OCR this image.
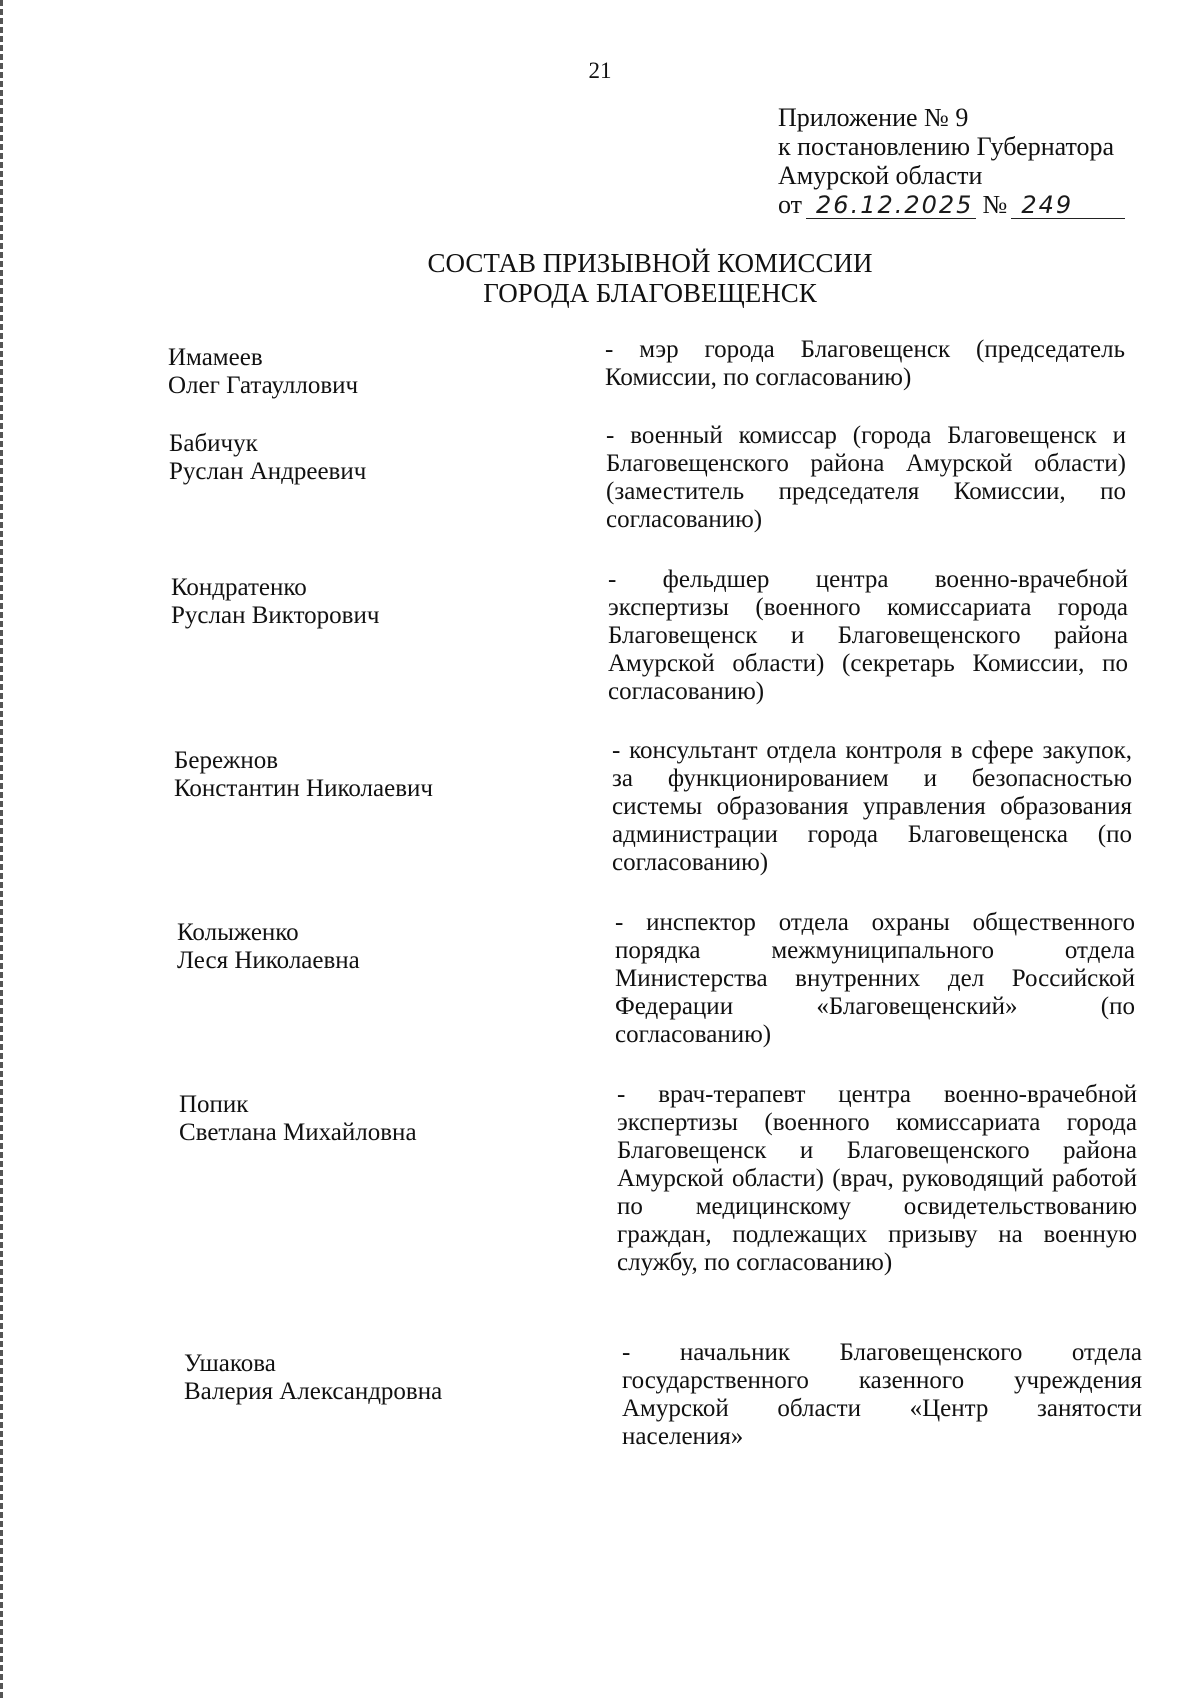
21
Приложение № 9
к постановлению Губернатора
Амурской области
от 26.12.2025 № 249
СОСТАВ ПРИЗЫВНОЙ КОМИССИИ
ГОРОДА БЛАГОВЕЩЕНСК
Имамеев
Олег Гатауллович
- мэр города Благовещенск (председатель Комиссии, по согласованию)
Бабичук
Руслан Андреевич
- военный комиссар (города Благовещенск и Благовещенского района Амурской области) (заместитель председателя Комиссии, по согласованию)
Кондратенко
Руслан Викторович
- фельдшер центра военно-врачебной экспертизы (военного комиссариата города Благовещенск и Благовещенского района Амурской области) (секретарь Комиссии, по согласованию)
Бережнов
Константин Николаевич
- консультант отдела контроля в сфере закупок, за функционированием и безопасностью системы образования управления образования администрации города Благовещенска (по согласованию)
Колыженко
Леся Николаевна
- инспектор отдела охраны общественного порядка межмуниципального отдела Министерства внутренних дел Российской Федерации «Благовещенский» (по согласованию)
Попик
Светлана Михайловна
- врач-терапевт центра военно-врачебной экспертизы (военного комиссариата города Благовещенск и Благовещенского района Амурской области) (врач, руководящий работой по медицинскому освидетельствованию граждан, подлежащих призыву на военную службу, по согласованию)
Ушакова
Валерия Александровна
- начальник Благовещенского отдела государственного казенного учреждения Амурской области «Центр занятости населения»
